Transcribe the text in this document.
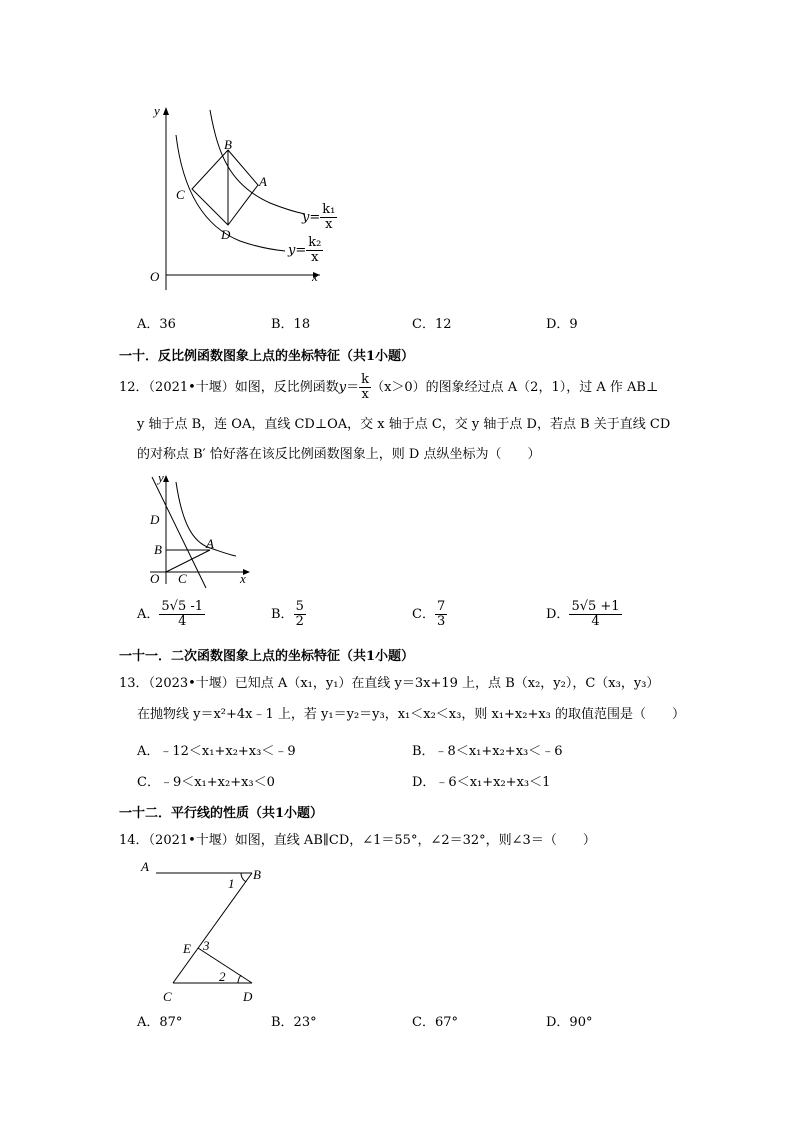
y
O	x
B
A
C
D
$y= \frac{\text{k₁}}{x}$
$y= \frac{\text{k₂}}{x}$
A．36	B．18	C．12	D．9
一十．反比例函数图象上点的坐标特征（共1小题）
12．（2021•十堰）如图，反比例函数$y= \frac{k}{x} (x>0)$的图象经过点 A（2，1），过 A 作 AB⊥
y 轴于点 B，连 OA，直线 CD⊥OA，交 x 轴于点 C，交 y 轴于点 D，若点 B 关于直线 CD
的对称点 B′ 恰好落在该反比例函数图象上，则 D 点纵坐标为（　　）
y
D
B	A
O C	x
A． $\frac{5√5 -1}{4}$	B． $\frac{5}{2}$	C． $\frac{7}{3}$	D． $\frac{5√5 +1}{4}$
一十一．二次函数图象上点的坐标特征（共1小题）
13．（2023•十堰）已知点 A（x₁，y₁）在直线 y＝3x+19 上，点 B（x₂，y₂），C（x₃，y₃）
在抛物线 y＝x²+4x﹣1 上，若 y₁＝y₂＝y₃，x₁＜x₂＜x₃，则 x₁+x₂+x₃ 的取值范围是（　　）
A．﹣12＜x₁+x₂+x₃＜﹣9	B．﹣8＜x₁+x₂+x₃＜﹣6
C．﹣9＜x₁+x₂+x₃＜0	D．﹣6＜x₁+x₂+x₃＜1
一十二．平行线的性质（共1小题）
14．（2021•十堰）如图，直线 AB∥CD，∠1＝55°，∠2＝32°，则∠3＝（　　）
A
B
C	D
E
1
2
3
A．87°	B．23°	C．67°	D．90°
